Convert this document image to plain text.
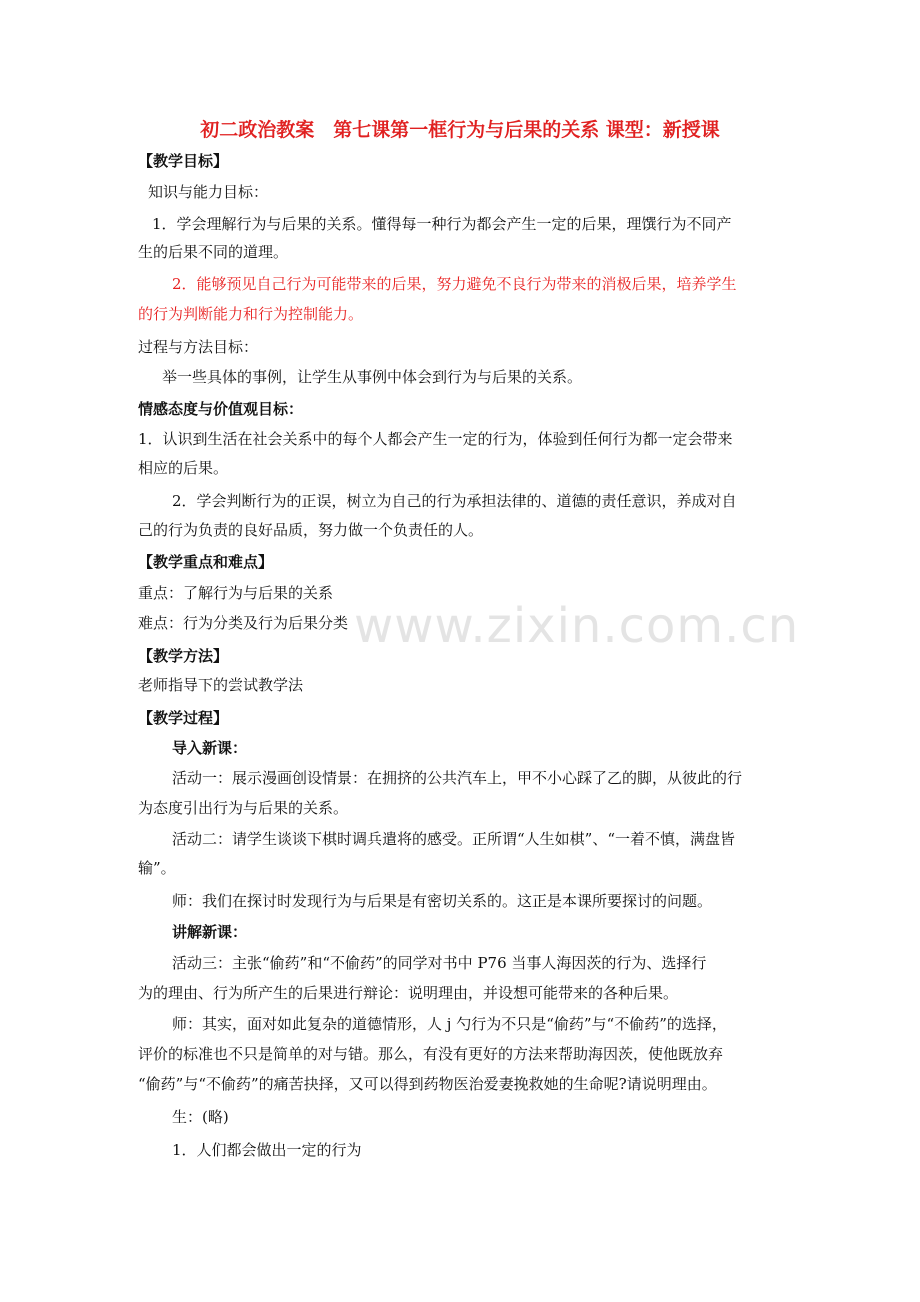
www.zixin.com.cn
初二政治教案　第七课第一框行为与后果的关系 课型：新授课
【教学目标】
知识与能力目标：
1．学会理解行为与后果的关系。懂得每一种行为都会产生一定的后果，理馔行为不同产
生的后果不同的道理。
2．能够预见自己行为可能带来的后果，努力避免不良行为带来的消极后果，培养学生
的行为判断能力和行为控制能力。
过程与方法目标：
举一些具体的事例，让学生从事例中体会到行为与后果的关系。
情感态度与价值观目标：
1．认识到生活在社会关系中的每个人都会产生一定的行为，体验到任何行为都一定会带来
相应的后果。
2．学会判断行为的正误，树立为自己的行为承担法律的、道德的责任意识，养成对自
己的行为负责的良好品质，努力做一个负责任的人。
【教学重点和难点】
重点：了解行为与后果的关系
难点：行为分类及行为后果分类
【教学方法】
老师指导下的尝试教学法
【教学过程】
导入新课：
活动一：展示漫画创设情景：在拥挤的公共汽车上，甲不小心踩了乙的脚，从彼此的行
为态度引出行为与后果的关系。
活动二：请学生谈谈下棋时调兵遣将的感受。正所谓“人生如棋”、“一着不慎，满盘皆
输”。
师：我们在探讨时发现行为与后果是有密切关系的。这正是本课所要探讨的问题。
讲解新课：
活动三：主张“偷药”和“不偷药”的同学对书中 P76 当事人海因茨的行为、选择行
为的理由、行为所产生的后果进行辩论：说明理由，并设想可能带来的各种后果。
师：其实，面对如此复杂的道德情形，人 j 勺行为不只是“偷药”与“不偷药”的选择，
评价的标准也不只是简单的对与错。那么，有没有更好的方法来帮助海因茨，使他既放弃
“偷药”与“不偷药”的痛苦抉择，又可以得到药物医治爱妻挽救她的生命呢?请说明理由。
生：(略)
1．人们都会做出一定的行为
